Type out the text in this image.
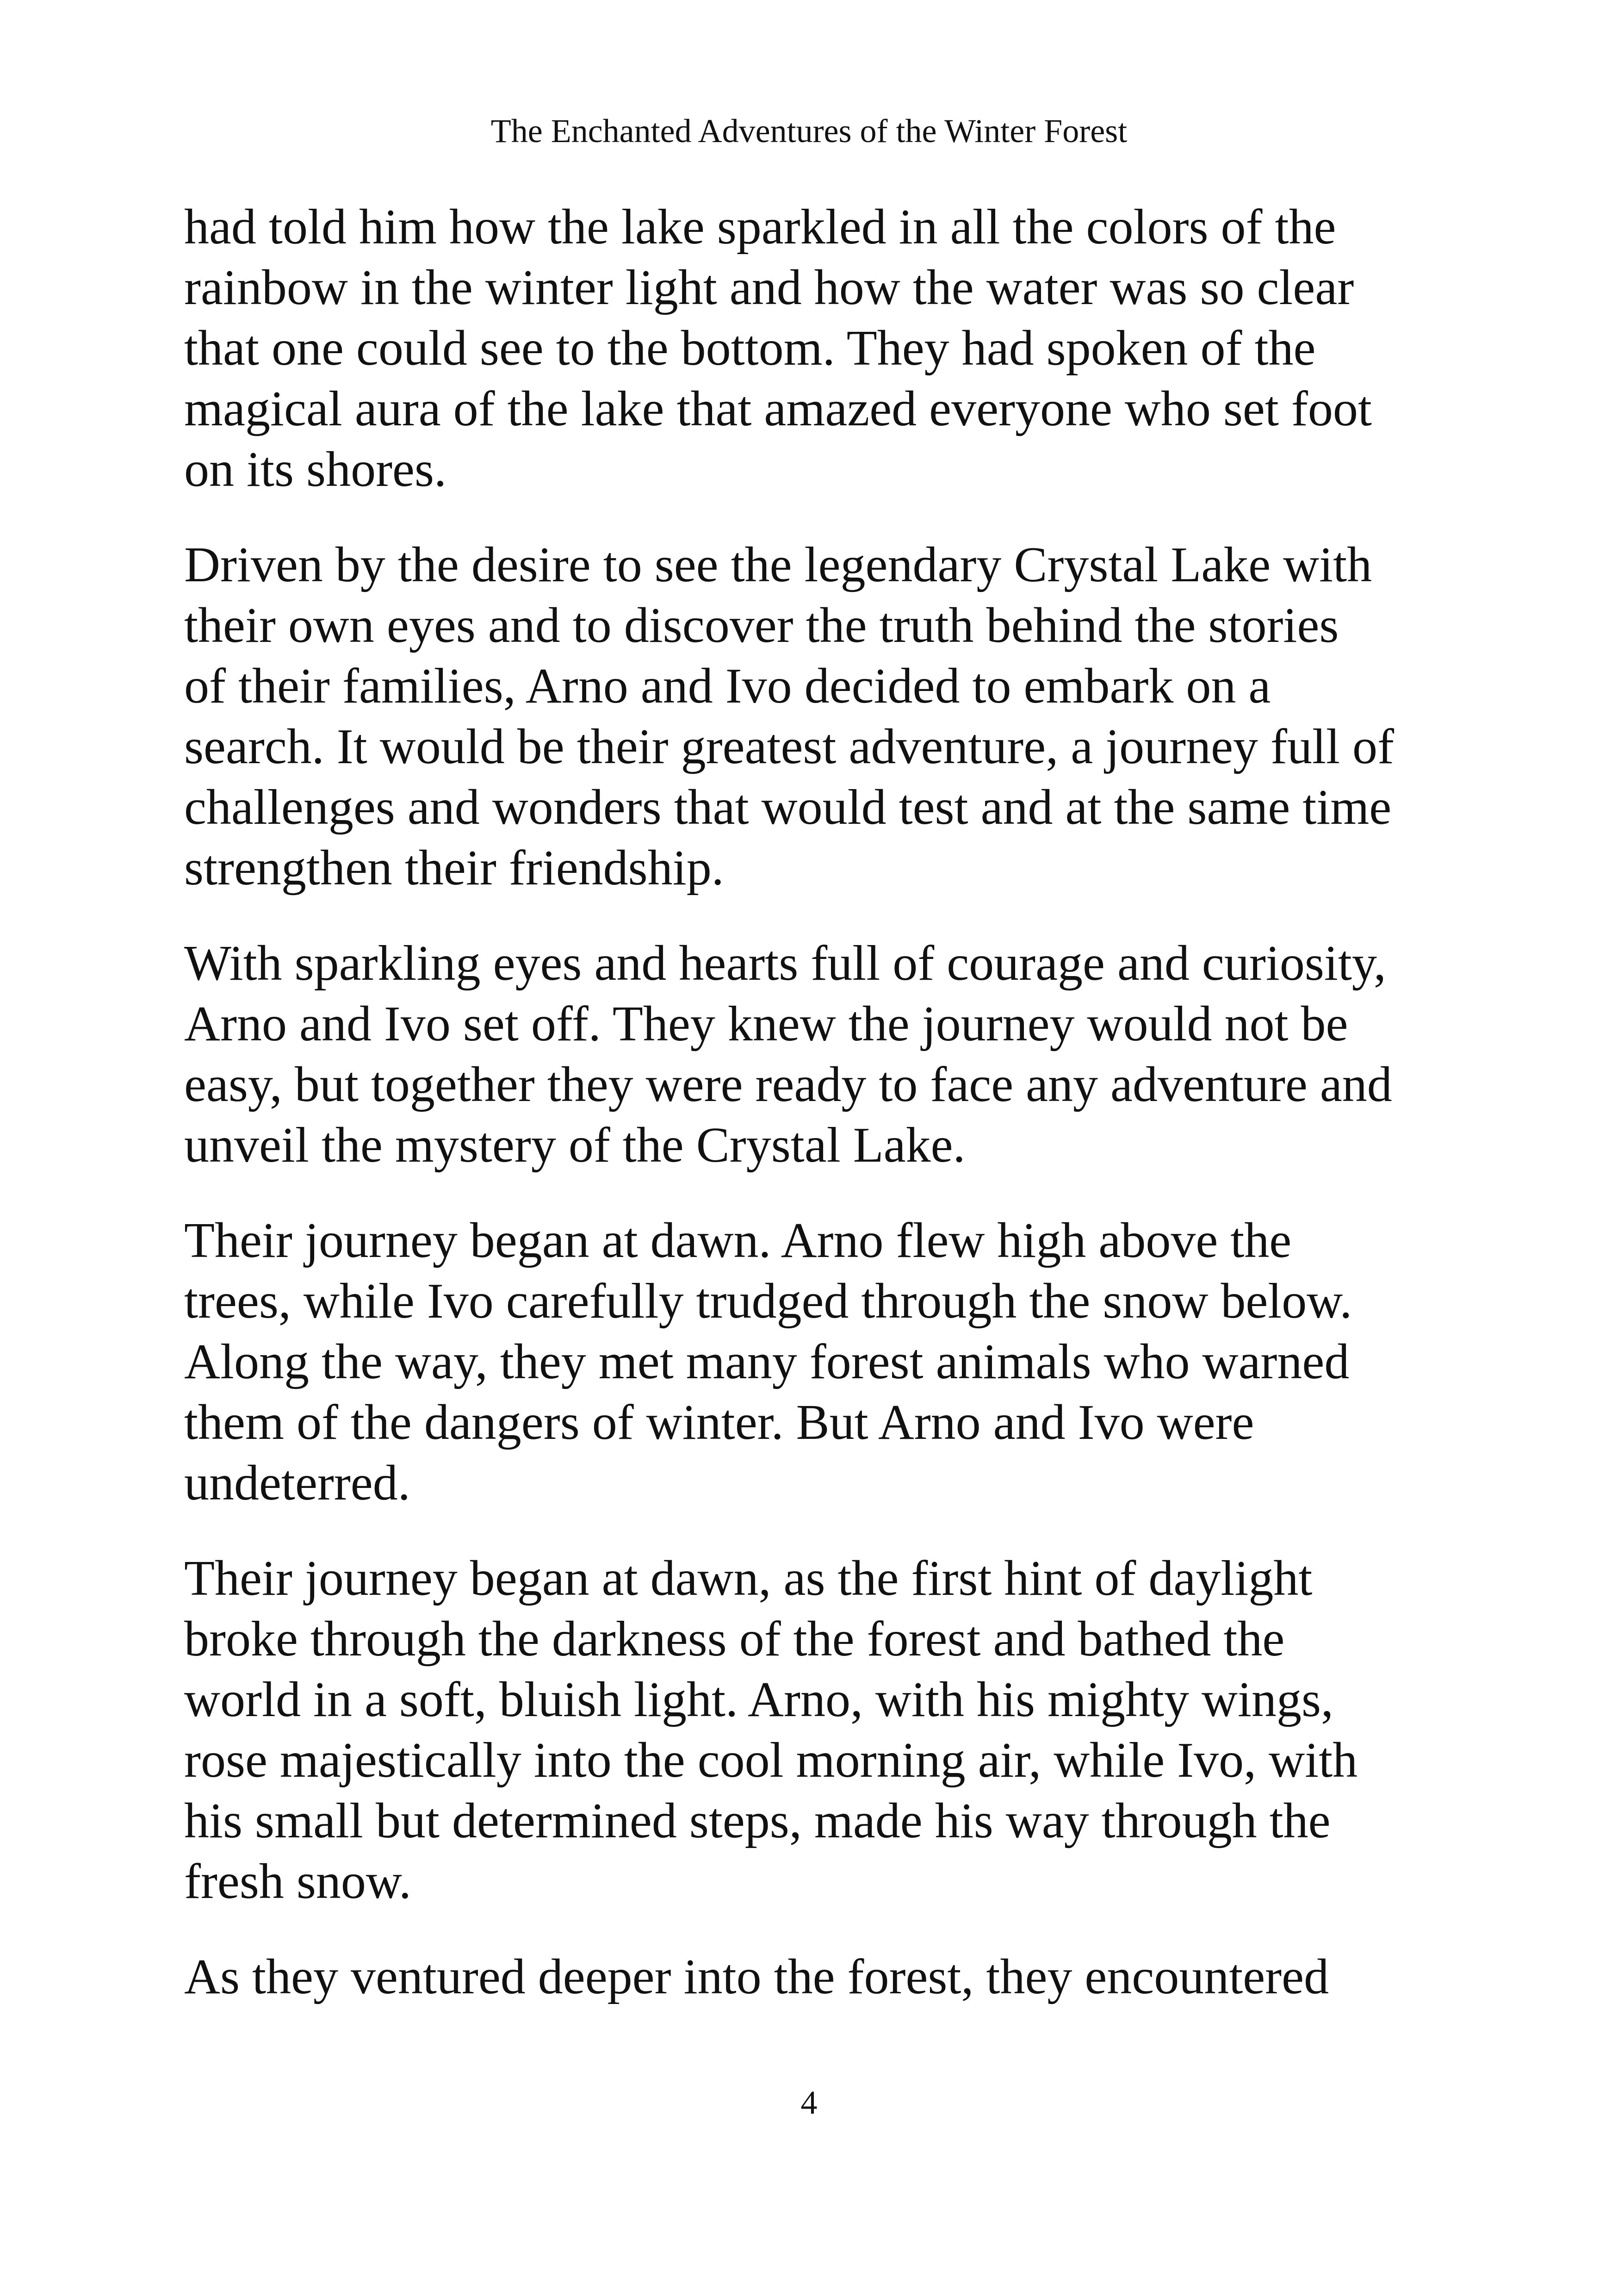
The Enchanted Adventures of the Winter Forest

had told him how the lake sparkled in all the colors of the
rainbow in the winter light and how the water was so clear
that one could see to the bottom. They had spoken of the
magical aura of the lake that amazed everyone who set foot
on its shores.

Driven by the desire to see the legendary Crystal Lake with
their own eyes and to discover the truth behind the stories
of their families, Arno and Ivo decided to embark on a
search. It would be their greatest adventure, a journey full of
challenges and wonders that would test and at the same time
strengthen their friendship.

With sparkling eyes and hearts full of courage and curiosity,
Arno and Ivo set off. They knew the journey would not be
easy, but together they were ready to face any adventure and
unveil the mystery of the Crystal Lake.

Their journey began at dawn. Arno flew high above the
trees, while Ivo carefully trudged through the snow below.
Along the way, they met many forest animals who warned
them of the dangers of winter. But Arno and Ivo were
undeterred.

Their journey began at dawn, as the first hint of daylight
broke through the darkness of the forest and bathed the
world in a soft, bluish light. Arno, with his mighty wings,
rose majestically into the cool morning air, while Ivo, with
his small but determined steps, made his way through the
fresh snow.

As they ventured deeper into the forest, they encountered

4
